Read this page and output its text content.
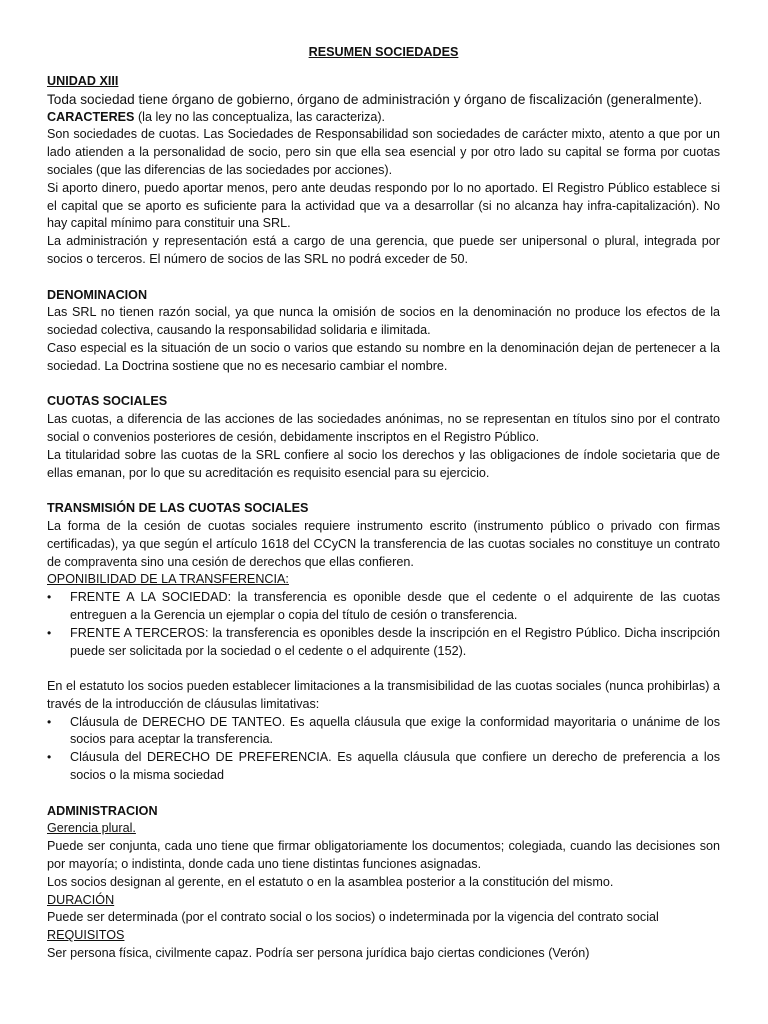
RESUMEN SOCIEDADES
UNIDAD XIII

Toda sociedad tiene órgano de gobierno, órgano de administración y órgano de fiscalización (generalmente).

CARACTERES (la ley no las conceptualiza, las caracteriza).

Son sociedades de cuotas. Las Sociedades de Responsabilidad son sociedades de carácter mixto, atento a que por un lado atienden a la personalidad de socio, pero sin que ella sea esencial y por otro lado su capital se forma por cuotas sociales (que las diferencias de las sociedades por acciones).

Si aporto dinero, puedo aportar menos, pero ante deudas respondo por lo no aportado. El Registro Público establece si el capital que se aporto es suficiente para la actividad que va a desarrollar (si no alcanza hay infra-capitalización). No hay capital mínimo para constituir una SRL.

La administración y representación está a cargo de una gerencia, que puede ser unipersonal o plural, integrada por socios o terceros. El número de socios de las SRL no podrá exceder de 50.

DENOMINACION

Las SRL no tienen razón social, ya que nunca la omisión de socios en la denominación no produce los efectos de la sociedad colectiva, causando la responsabilidad solidaria e ilimitada.

Caso especial es la situación de un socio o varios que estando su nombre en la denominación dejan de pertenecer a la sociedad. La Doctrina sostiene que no es necesario cambiar el nombre.

CUOTAS SOCIALES

Las cuotas, a diferencia de las acciones de las sociedades anónimas, no se representan en títulos sino por el contrato social o convenios posteriores de cesión, debidamente inscriptos en el Registro Público.

La titularidad sobre las cuotas de la SRL confiere al socio los derechos y las obligaciones de índole societaria que de ellas emanan, por lo que su acreditación es requisito esencial para su ejercicio.

TRANSMISIÓN DE LAS CUOTAS SOCIALES

La forma de la cesión de cuotas sociales requiere instrumento escrito (instrumento público o privado con firmas certificadas), ya que según el artículo 1618 del CCyCN la transferencia de las cuotas sociales no constituye un contrato de compraventa sino una cesión de derechos que ellas confieren.

OPONIBILIDAD DE LA TRANSFERENCIA:
• FRENTE A LA SOCIEDAD: la transferencia es oponible desde que el cedente o el adquirente de las cuotas entreguen a la Gerencia un ejemplar o copia del título de cesión o transferencia.
• FRENTE A TERCEROS: la transferencia es oponibles desde la inscripción en el Registro Público. Dicha inscripción puede ser solicitada por la sociedad o el cedente o el adquirente (152).

En el estatuto los socios pueden establecer limitaciones a la transmisibilidad de las cuotas sociales (nunca prohibirlas) a través de la introducción de cláusulas limitativas:

• Cláusula de DERECHO DE TANTEO. Es aquella cláusula que exige la conformidad mayoritaria o unánime de los socios para aceptar la transferencia.
• Cláusula del DERECHO DE PREFERENCIA. Es aquella cláusula que confiere un derecho de preferencia a los socios o la misma sociedad
ADMINISTRACION
Gerencia plural.

Puede ser conjunta, cada uno tiene que firmar obligatoriamente los documentos; colegiada, cuando las decisiones son por mayoría; o indistinta, donde cada uno tiene distintas funciones asignadas.

Los socios designan al gerente, en el estatuto o en la asamblea posterior a la constitución del mismo.

DURACIÓN

Puede ser determinada (por el contrato social o los socios) o indeterminada por la vigencia del contrato social

REQUISITOS

Ser persona física, civilmente capaz. Podría ser persona jurídica bajo ciertas condiciones (Verón)
